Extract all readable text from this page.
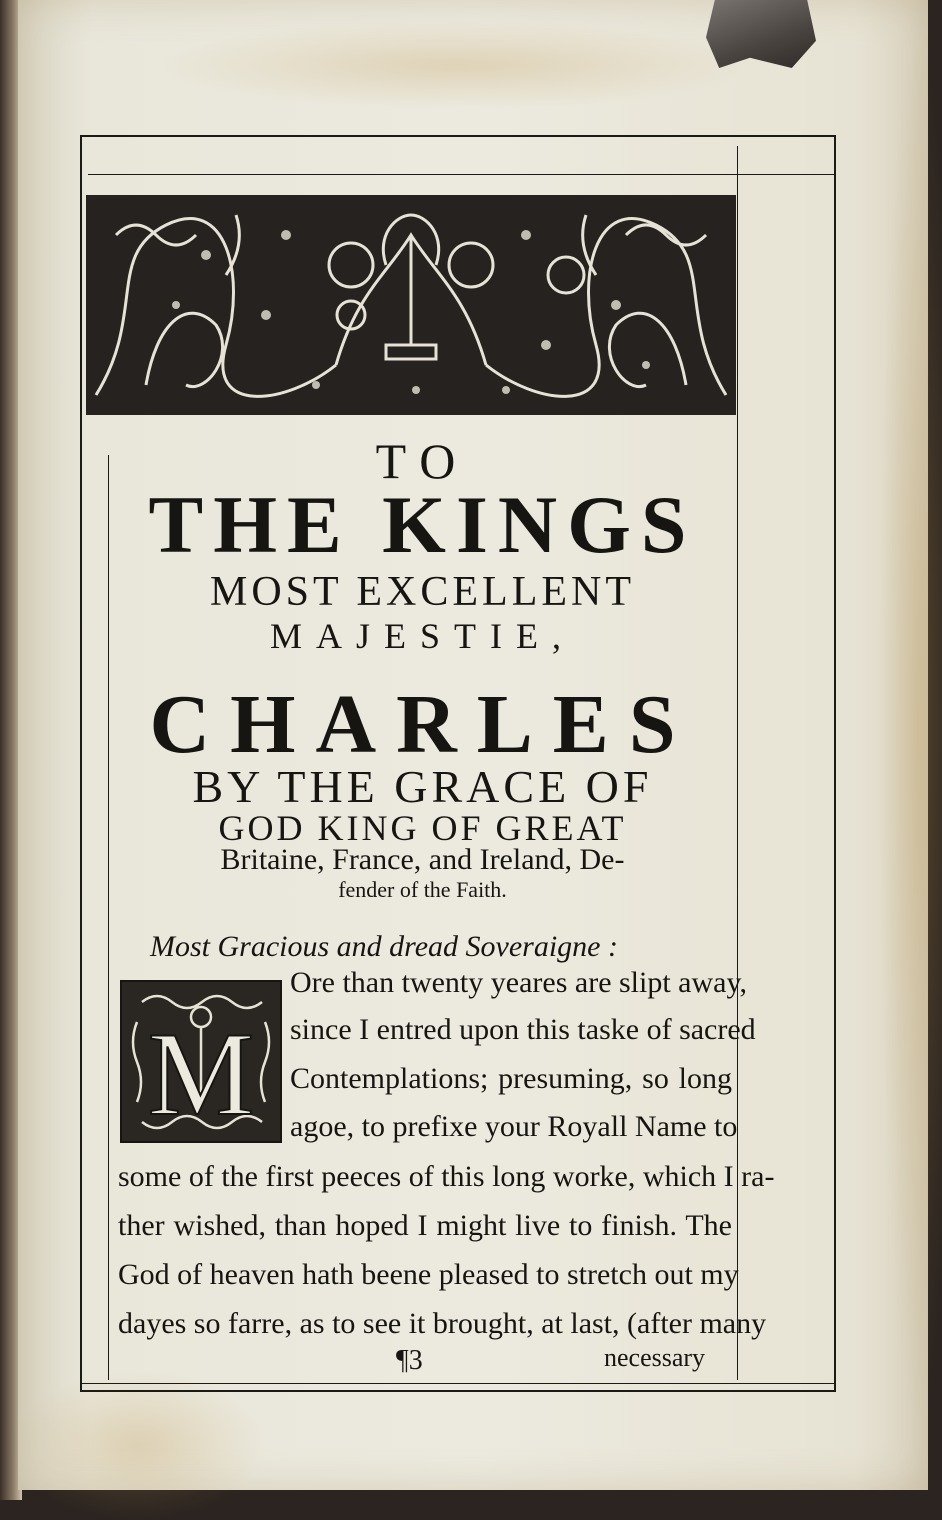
TO
THE KINGS
MOST EXCELLENT
MAJESTIE,
CHARLES
BY THE GRACE OF
GOD KING OF GREAT
Britaine, France, and Ireland, De-
fender of the Faith.
Most Gracious and dread Soveraigne :
M
Ore than twenty yeares are slipt away,
since I entred upon this taske of sacred
Contemplations; presuming, so long
agoe, to prefixe your Royall Name to
some of the first peeces of this long worke, which I ra-
ther wished, than hoped I might live to finish. The
God of heaven hath beene pleased to stretch out my
dayes so farre, as to see it brought, at last, (after many
¶3	necessary
